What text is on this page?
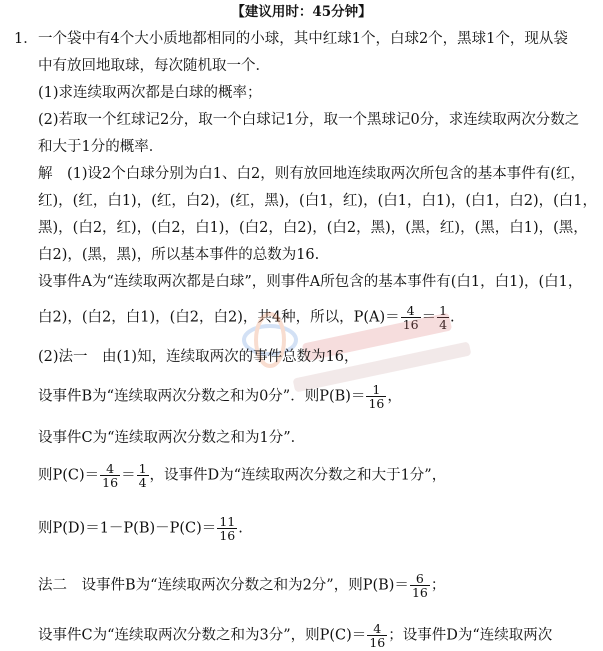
【建议用时：45分钟】
1． 一个袋中有4个大小质地都相同的小球，其中红球1个，白球2个，黑球1个，现从袋
中有放回地取球，每次随机取一个．
(1)求连续取两次都是白球的概率；
(2)若取一个红球记2分，取一个白球记1分，取一个黑球记0分，求连续取两次分数之
和大于1分的概率．
解　(1)设2个白球分别为白1、白2，则有放回地连续取两次所包含的基本事件有(红，
红)，(红，白1)，(红，白2)，(红，黑)，(白1，红)，(白1，白1)，(白1，白2)，(白1，
黑)，(白2，红)，(白2，白1)，(白2，白2)，(白2，黑)，(黑，红)，(黑，白1)，(黑，
白2)，(黑，黑)，所以基本事件的总数为16.
设事件A为“连续取两次都是白球”，则事件A所包含的基本事件有(白1，白1)，(白1，
白2)，(白2，白1)，(白2，白2)，共4种，所以，$P(A)= \frac{4}{16} = \frac{1}{4}$ .
(2)法一　由(1)知，连续取两次的事件总数为16，
设事件B为“连续取两次分数之和为0分”．则$P(B)= \frac{1}{16}$ ，
设事件C为“连续取两次分数之和为1分”．
则$P(C)= \frac{4}{16} = \frac{1}{4}$ ，设事件D为“连续取两次分数之和大于1分”，
则$P(D)=1-P(B)-P(C)= \frac{11}{16}$ .
法二　设事件B为“连续取两次分数之和为2分”，则$P(B)= \frac{6}{16}$ ；
设事件C为“连续取两次分数之和为3分”，则$P(C)= \frac{4}{16}$ ；设事件D为“连续取两次
